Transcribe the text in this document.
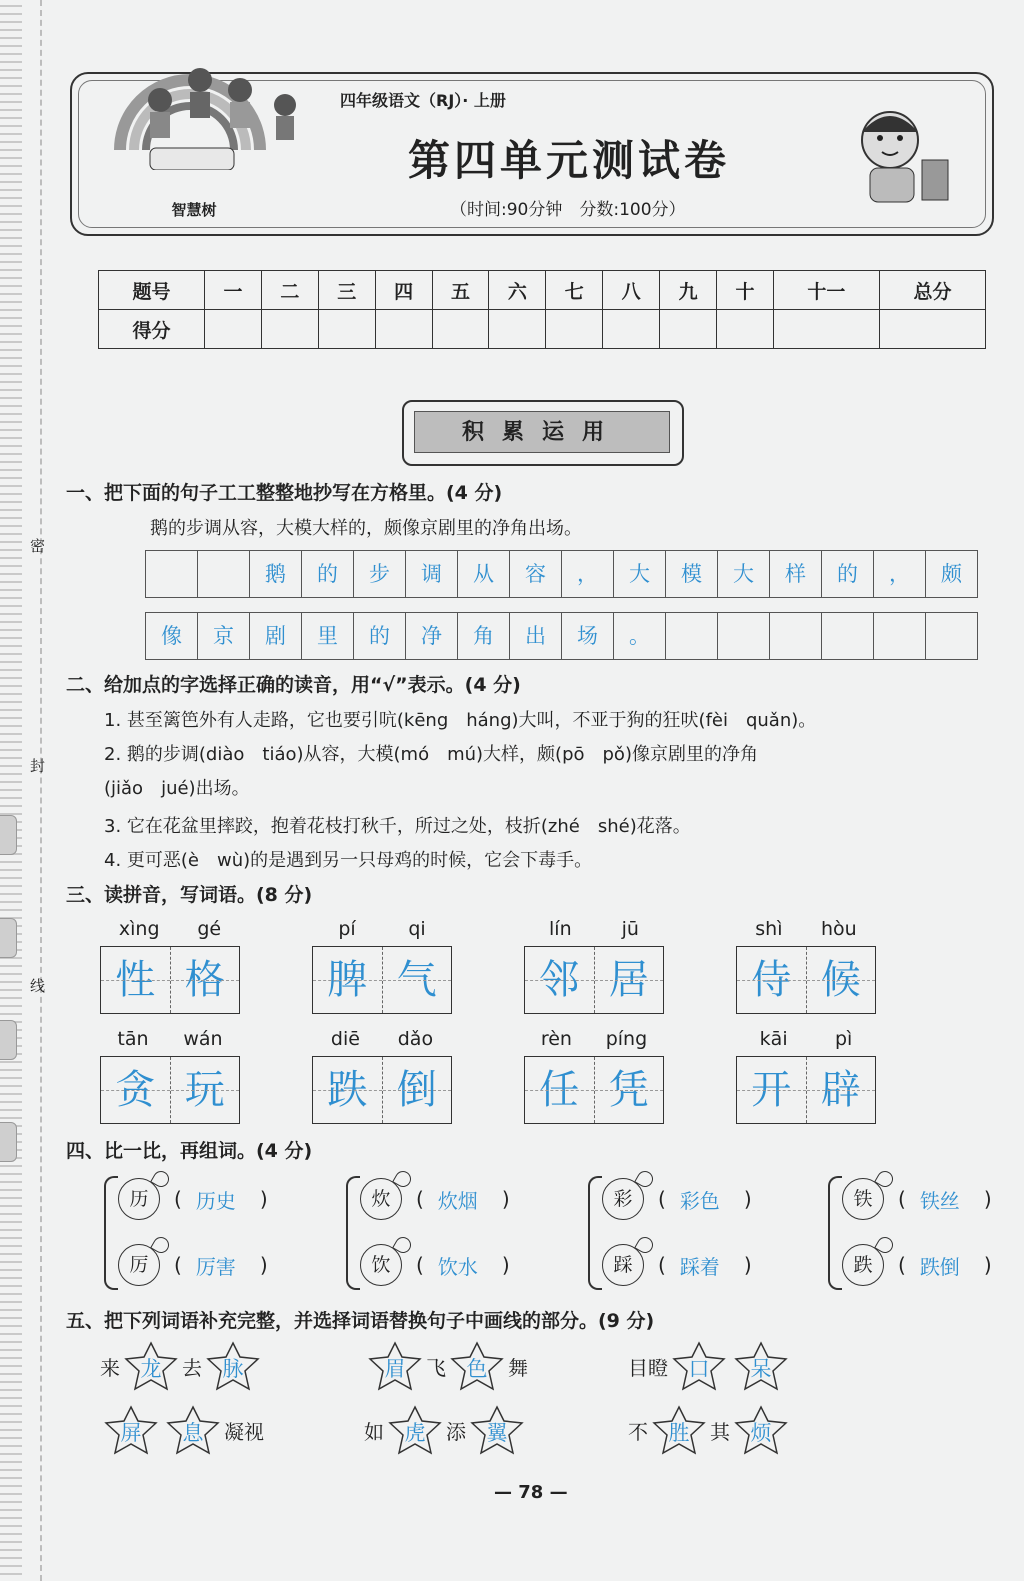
密
封
线
智慧树
四年级语文（RJ）· 上册
第四单元测试卷
（时间:90分钟　分数:100分）
题号	一	二	三	四	五	六	七	八	九	十	十一	总分
得分												
积累运用
一、把下面的句子工工整整地抄写在方格里。(4 分)
鹅的步调从容，大模大样的，颇像京剧里的净角出场。
鹅	的	步	调	从	容	，	大	模	大	样	的	，	颇
像	京	剧	里	的	净	角	出	场	。
二、给加点的字选择正确的读音，用“√”表示。(4 分)
1. 甚至篱笆外有人走路，它也要引吭(kēng　háng)大叫，不亚于狗的狂吠(fèi　quǎn)。
2. 鹅的步调(diào　tiáo)从容，大模(mó　mú)大样，颇(pō　pǒ)像京剧里的净角
(jiǎo　jué)出场。
3. 它在花盆里摔跤，抱着花枝打秋千，所过之处，枝折(zhé　shé)花落。
4. 更可恶(è　wù)的是遇到另一只母鸡的时候，它会下毒手。
三、读拼音，写词语。(8 分)
xìng gé
性 格
pí	qi
脾 气
lín	jū
邻 居
shì hòu
侍 候
tān wán
贪 玩
diē dǎo
跌 倒
rèn píng
任 凭
kāi pì
开 辟
四、比一比，再组词。(4 分)
历	( 历史	)
厉	( 厉害	)
炊	( 炊烟	)
饮	( 饮水	)
彩	( 彩色	)
踩	( 踩着	)
铁	( 铁丝	)
跌	( 跌倒	)
五、把下列词语补充完整，并选择词语替换句子中画线的部分。(9 分)
来 龙	去 脉	眉	飞 色	舞	目瞪 口	呆
屏	息	凝视	如 虎	添 翼	不 胜	其 烦
— 78 —
